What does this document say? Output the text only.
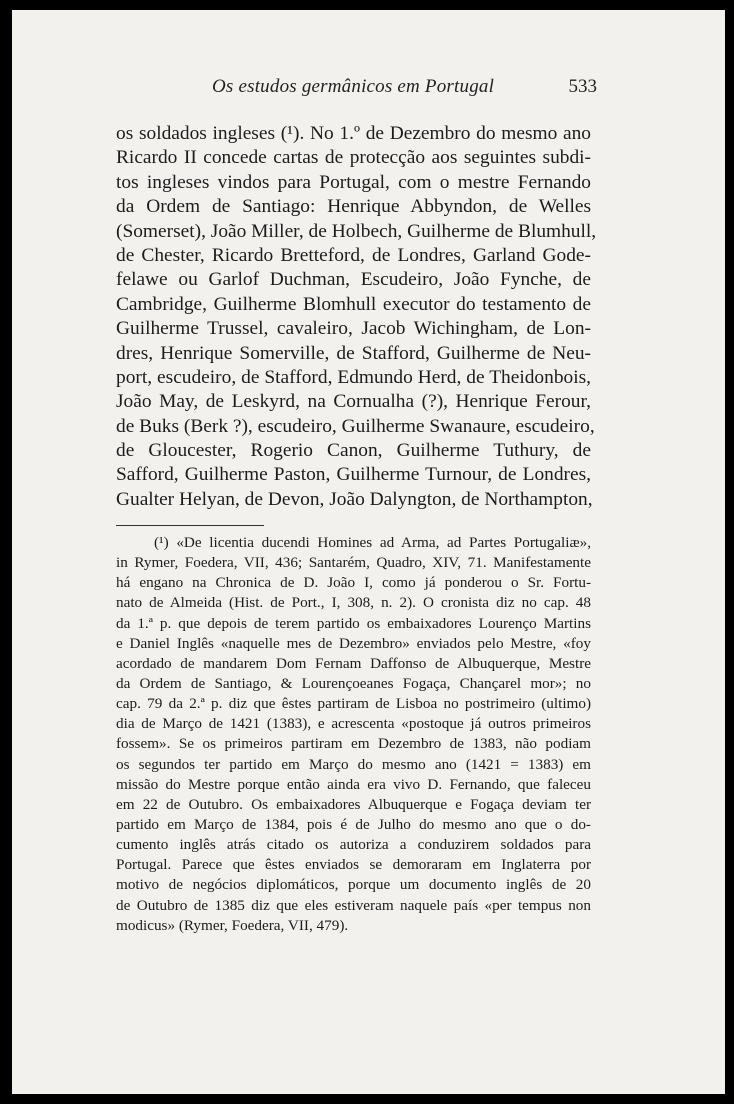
Os estudos germânicos em Portugal	533
os soldados ingleses (¹). No 1.º de Dezembro do mesmo ano
Ricardo II concede cartas de protecção aos seguintes subdi-
tos ingleses vindos para Portugal, com o mestre Fernando
da Ordem de Santiago: Henrique Abbyndon, de Welles
(Somerset), João Miller, de Holbech, Guilherme de Blumhull,
de Chester, Ricardo Bretteford, de Londres, Garland Gode-
felawe ou Garlof Duchman, Escudeiro, João Fynche, de
Cambridge, Guilherme Blomhull executor do testamento de
Guilherme Trussel, cavaleiro, Jacob Wichingham, de Lon-
dres, Henrique Somerville, de Stafford, Guilherme de Neu-
port, escudeiro, de Stafford, Edmundo Herd, de Theidonbois,
João May, de Leskyrd, na Cornualha (?), Henrique Ferour,
de Buks (Berk ?), escudeiro, Guilherme Swanaure, escudeiro,
de Gloucester, Rogerio Canon, Guilherme Tuthury, de
Safford, Guilherme Paston, Guilherme Turnour, de Londres,
Gualter Helyan, de Devon, João Dalyngton, de Northampton,
(¹) «De licentia ducendi Homines ad Arma, ad Partes Portugaliæ»,
in Rymer, Foedera, VII, 436; Santarém, Quadro, XIV, 71. Manifestamente
há engano na Chronica de D. João I, como já ponderou o Sr. Fortu-
nato de Almeida (Hist. de Port., I, 308, n. 2). O cronista diz no cap. 48
da 1.ª p. que depois de terem partido os embaixadores Lourenço Martins
e Daniel Inglês «naquelle mes de Dezembro» enviados pelo Mestre, «foy
acordado de mandarem Dom Fernam Daffonso de Albuquerque, Mestre
da Ordem de Santiago, & Lourençoeanes Fogaça, Chançarel mor»; no
cap. 79 da 2.ª p. diz que êstes partiram de Lisboa no postrimeiro (ultimo)
dia de Março de 1421 (1383), e acrescenta «postoque já outros primeiros
fossem». Se os primeiros partiram em Dezembro de 1383, não podiam
os segundos ter partido em Março do mesmo ano (1421 = 1383) em
missão do Mestre porque então ainda era vivo D. Fernando, que faleceu
em 22 de Outubro. Os embaixadores Albuquerque e Fogaça deviam ter
partido em Março de 1384, pois é de Julho do mesmo ano que o do-
cumento inglês atrás citado os autoriza a conduzirem soldados para
Portugal. Parece que êstes enviados se demoraram em Inglaterra por
motivo de negócios diplomáticos, porque um documento inglês de 20
de Outubro de 1385 diz que eles estiveram naquele país «per tempus non
modicus» (Rymer, Foedera, VII, 479).
